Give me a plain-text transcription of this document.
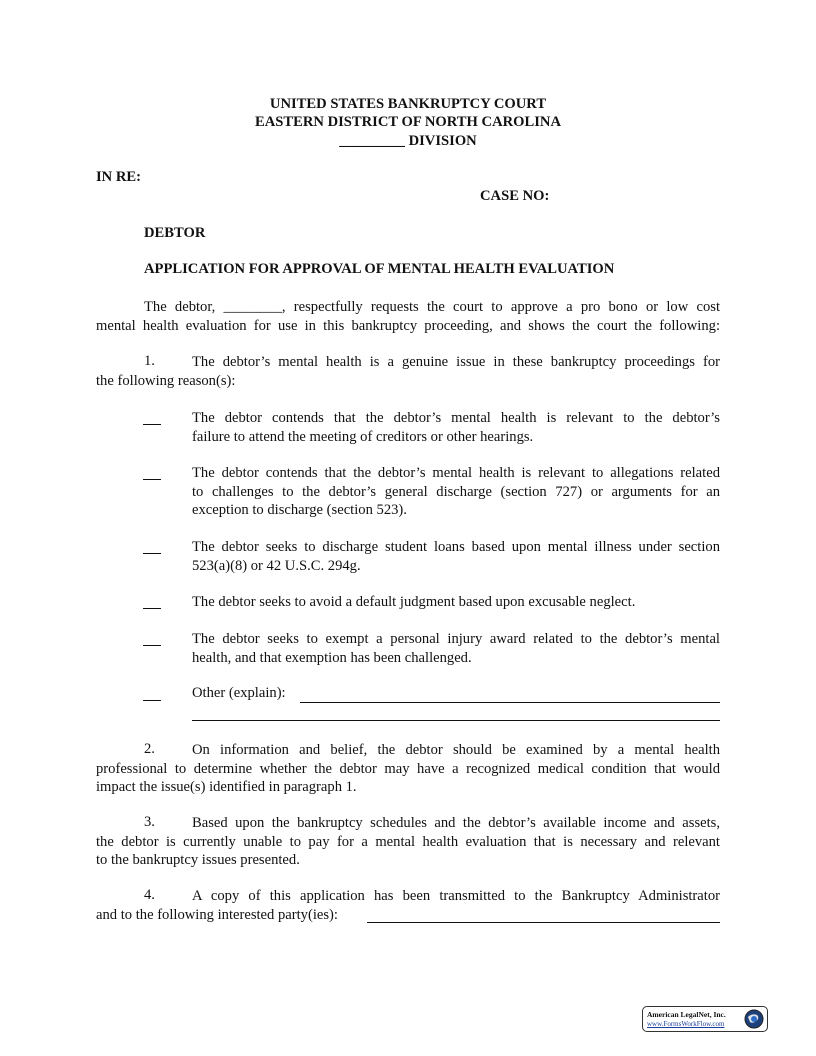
UNITED STATES BANKRUPTCY COURT
EASTERN DISTRICT OF NORTH CAROLINA
_________ DIVISION
IN RE:
CASE NO:
DEBTOR
APPLICATION FOR APPROVAL OF MENTAL HEALTH EVALUATION
The debtor, ________, respectfully requests the court to approve a pro bono or low cost
mental health evaluation for use in this bankruptcy proceeding, and shows the court the following:
1.	The debtor’s mental health is a genuine issue in these bankruptcy proceedings for
the following reason(s):
The debtor contends that the debtor’s mental health is relevant to the debtor’s
failure to attend the meeting of creditors or other hearings.
The debtor contends that the debtor’s mental health is relevant to allegations related
to challenges to the debtor’s general discharge (section 727) or arguments for an
exception to discharge (section 523).
The debtor seeks to discharge student loans based upon mental illness under section
523(a)(8) or 42 U.S.C. 294g.
The debtor seeks to avoid a default judgment based upon excusable neglect.
The debtor seeks to exempt a personal injury award related to the debtor’s mental
health, and that exemption has been challenged.
Other (explain):
2.	On information and belief, the debtor should be examined by a mental health
professional to determine whether the debtor may have a recognized medical condition that would
impact the issue(s) identified in paragraph 1.
3.	Based upon the bankruptcy schedules and the debtor’s available income and assets,
the debtor is currently unable to pay for a mental health evaluation that is necessary and relevant
to the bankruptcy issues presented.
4.	A copy of this application has been transmitted to the Bankruptcy Administrator
and to the following interested party(ies):
American LegalNet, Inc.
www.FormsWorkFlow.com
